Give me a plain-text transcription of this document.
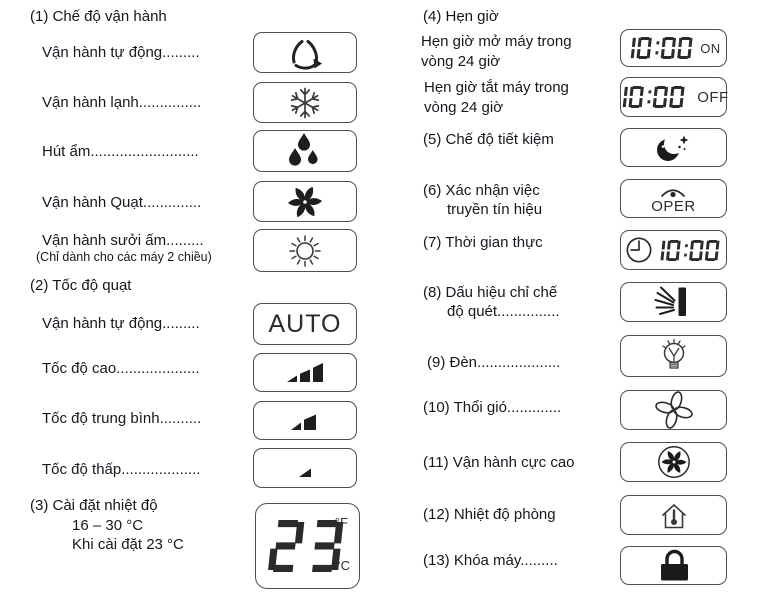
(1) Chế độ vận hành
Vận hành tự động.........
Vận hành lạnh...............
Hút ẩm..........................
Vận hành Quạt..............
Vận hành sưởi ấm.........
(Chỉ dành cho các máy 2 chiều)
(2) Tốc độ quạt
Vận hành tự động.........	AUTO
Tốc độ cao....................
Tốc độ trung bình..........
Tốc độ thấp...................
(3) Cài đặt nhiệt độ
16 – 30 °C
Khi cài đặt 23 °C
°F
°C
(4) Hẹn giờ
Hẹn giờ mở máy trong
vòng 24 giờ
ON
Hẹn giờ tắt máy trong
vòng 24 giờ
OFF
(5) Chế độ tiết kiệm
(6) Xác nhận việc
truyền tín hiệu	OPER
(7) Thời gian thực
(8) Dấu hiệu chỉ chế
độ quét...............
(9) Đèn....................
(10) Thổi gió.............
(11) Vận hành cực cao
(12) Nhiệt độ phòng
(13) Khóa máy.........
